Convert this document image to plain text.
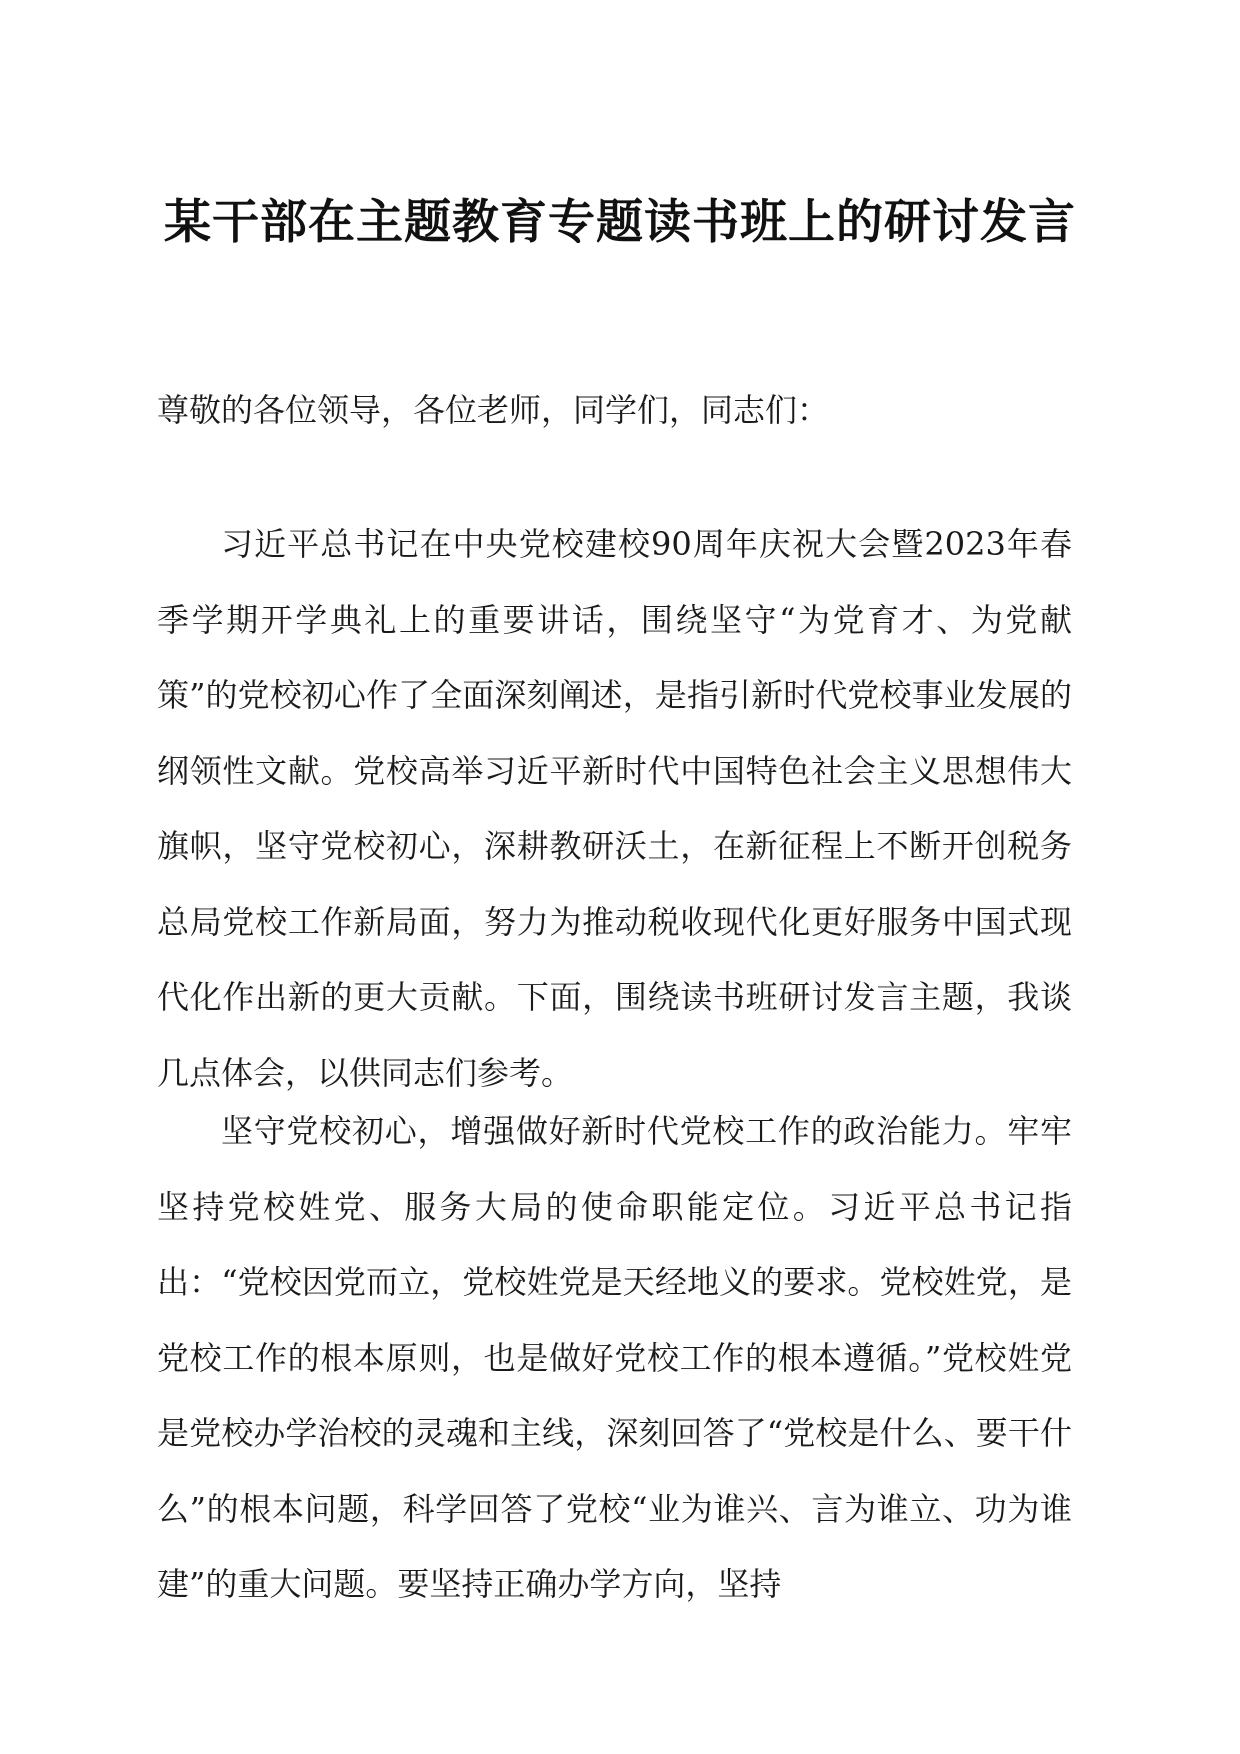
某干部在主题教育专题读书班上的研讨发言

尊敬的各位领导，各位老师，同学们，同志们：

习近平总书记在中央党校建校90周年庆祝大会暨2023年春季学期开学典礼上的重要讲话，围绕坚守“为党育才、为党献策”的党校初心作了全面深刻阐述，是指引新时代党校事业发展的纲领性文献。党校高举习近平新时代中国特色社会主义思想伟大旗帜，坚守党校初心，深耕教研沃土，在新征程上不断开创税务总局党校工作新局面，努力为推动税收现代化更好服务中国式现代化作出新的更大贡献。下面，围绕读书班研讨发言主题，我谈几点体会，以供同志们参考。

坚守党校初心，增强做好新时代党校工作的政治能力。牢牢坚持党校姓党、服务大局的使命职能定位。习近平总书记指出：“党校因党而立，党校姓党是天经地义的要求。党校姓党，是党校工作的根本原则，也是做好党校工作的根本遵循。”党校姓党是党校办学治校的灵魂和主线，深刻回答了“党校是什么、要干什么”的根本问题，科学回答了党校“业为谁兴、言为谁立、功为谁建”的重大问题。要坚持正确办学方向，坚持
